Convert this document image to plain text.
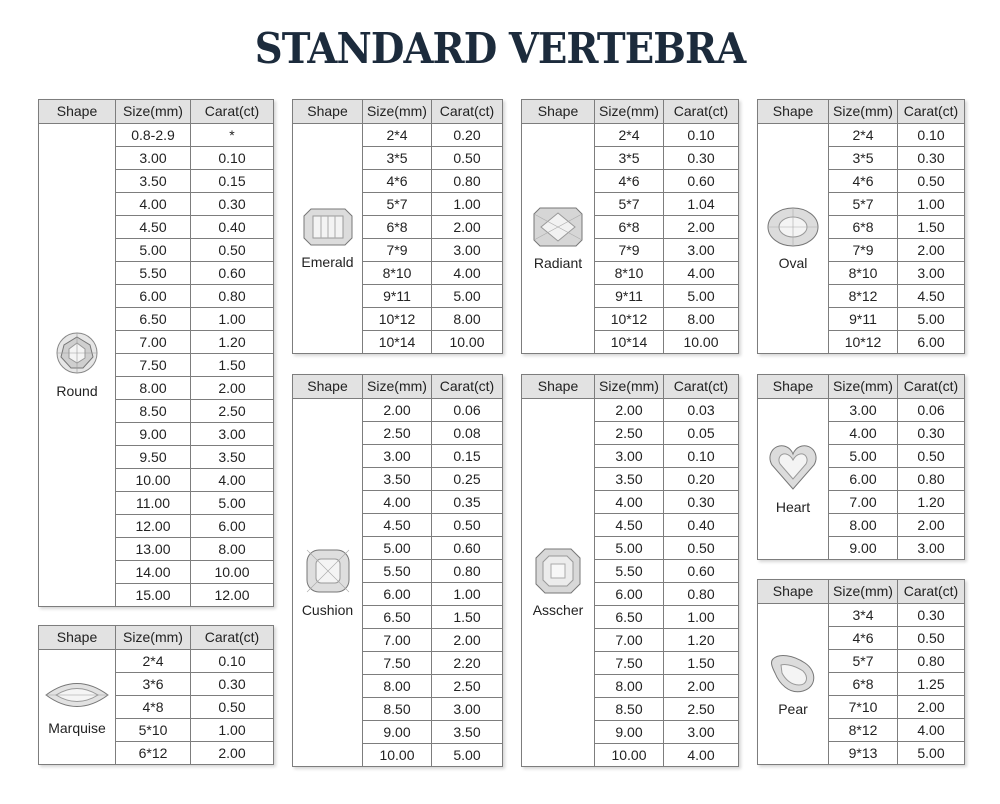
STANDARD VERTEBRA
Shape	Size(mm)	Carat(ct)
Round
0.8-2.9	*
3.00	0.10
3.50	0.15
4.00	0.30
4.50	0.40
5.00	0.50
5.50	0.60
6.00	0.80
6.50	1.00
7.00	1.20
7.50	1.50
8.00	2.00
8.50	2.50
9.00	3.00
9.50	3.50
10.00	4.00
11.00	5.00
12.00	6.00
13.00	8.00
14.00	10.00
15.00	12.00
Shape	Size(mm)	Carat(ct)
Marquise
2*4	0.10
3*6	0.30
4*8	0.50
5*10	1.00
6*12	2.00
Shape	Size(mm) Carat(ct)
Emerald
2*4	0.20
3*5	0.50
4*6	0.80
5*7	1.00
6*8	2.00
7*9	3.00
8*10	4.00
9*11	5.00
10*12	8.00
10*14	10.00
Shape	Size(mm) Carat(ct)
Cushion
2.00	0.06
2.50	0.08
3.00	0.15
3.50	0.25
4.00	0.35
4.50	0.50
5.00	0.60
5.50	0.80
6.00	1.00
6.50	1.50
7.00	2.00
7.50	2.20
8.00	2.50
8.50	3.00
9.00	3.50
10.00	5.00
Shape	Size(mm)	Carat(ct)
Radiant
2*4	0.10
3*5	0.30
4*6	0.60
5*7	1.04
6*8	2.00
7*9	3.00
8*10	4.00
9*11	5.00
10*12	8.00
10*14	10.00
Shape	Size(mm)	Carat(ct)
Asscher
2.00	0.03
2.50	0.05
3.00	0.10
3.50	0.20
4.00	0.30
4.50	0.40
5.00	0.50
5.50	0.60
6.00	0.80
6.50	1.00
7.00	1.20
7.50	1.50
8.00	2.00
8.50	2.50
9.00	3.00
10.00	4.00
Shape	Size(mm) Carat(ct)
Oval
2*4	0.10
3*5	0.30
4*6	0.50
5*7	1.00
6*8	1.50
7*9	2.00
8*10	3.00
8*12	4.50
9*11	5.00
10*12	6.00
Shape	Size(mm) Carat(ct)
Heart
3.00	0.06
4.00	0.30
5.00	0.50
6.00	0.80
7.00	1.20
8.00	2.00
9.00	3.00
Shape	Size(mm) Carat(ct)
Pear
3*4	0.30
4*6	0.50
5*7	0.80
6*8	1.25
7*10	2.00
8*12	4.00
9*13	5.00
